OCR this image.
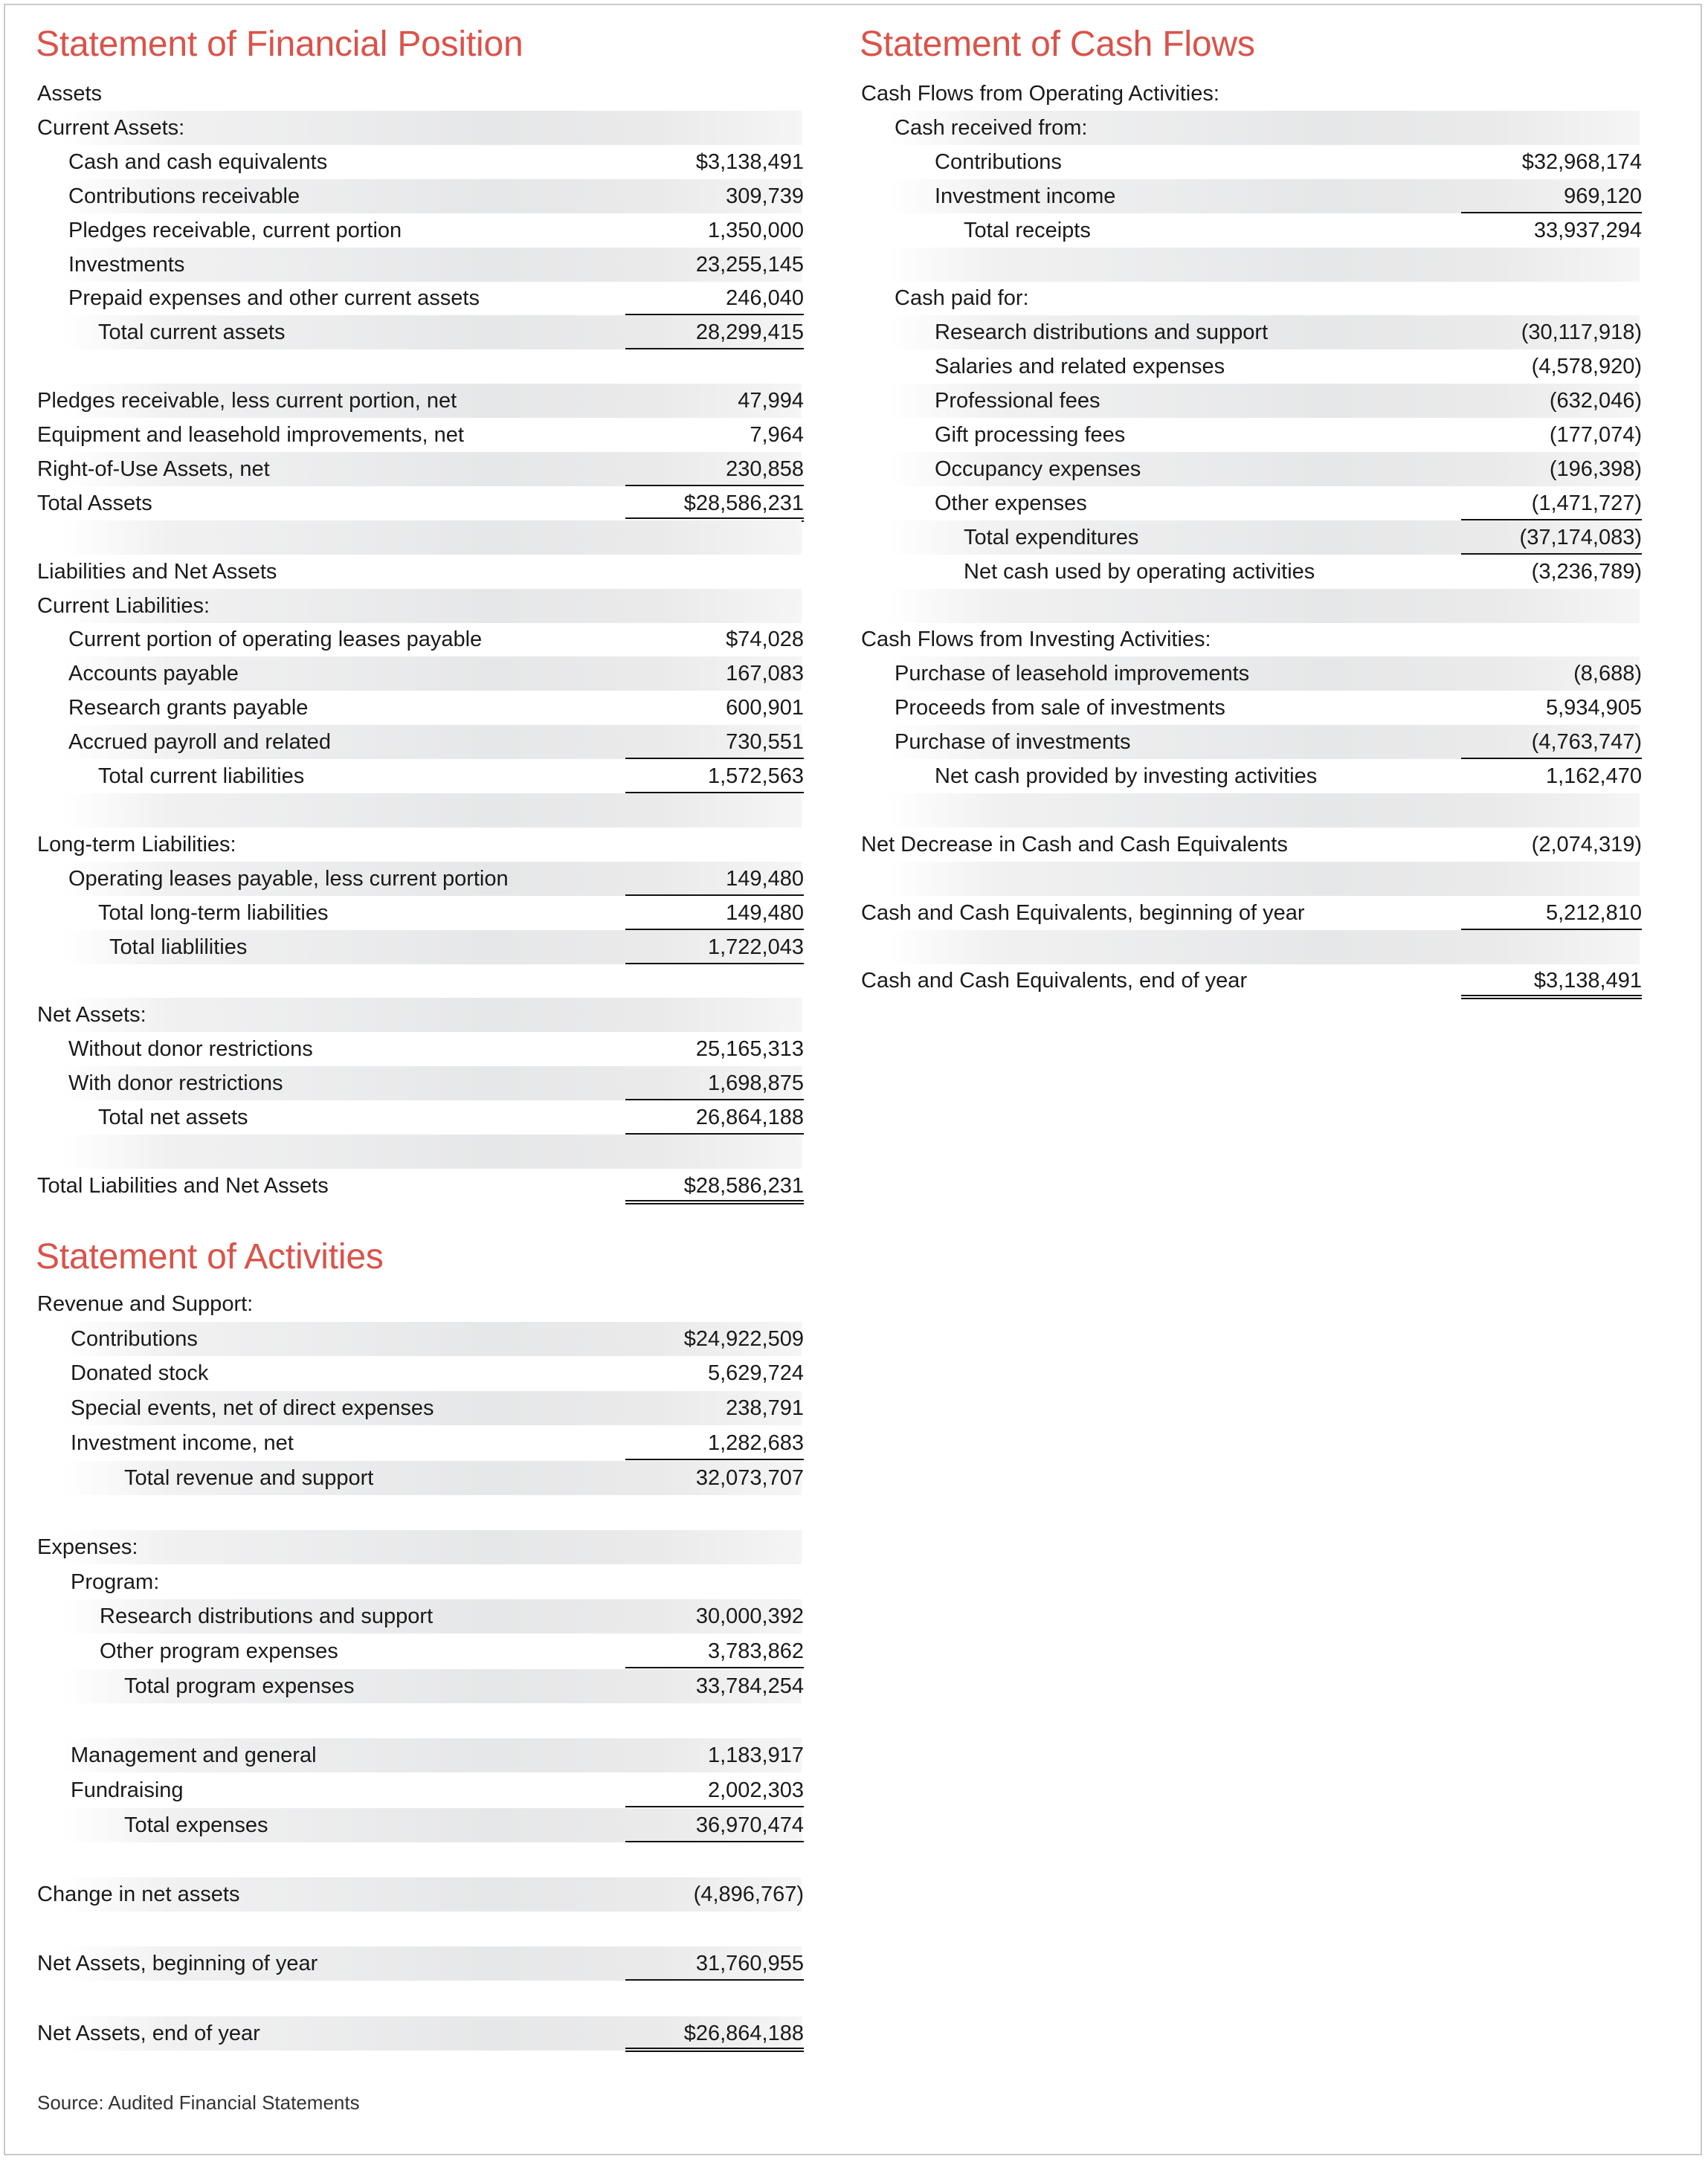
Statement of Financial Position	Statement of Cash Flows
Statement of Activities
Assets
Current Assets:
Cash and cash equivalents	$3,138,491
Contributions receivable	309,739
Pledges receivable, current portion	1,350,000
Investments	23,255,145
Prepaid expenses and other current assets	246,040
Total current assets	28,299,415
Pledges receivable, less current portion, net	47,994
Equipment and leasehold improvements, net	7,964
Right-of-Use Assets, net	230,858
Total Assets	$28,586,231
Liabilities and Net Assets
Current Liabilities:
Current portion of operating leases payable	$74,028
Accounts payable	167,083
Research grants payable	600,901
Accrued payroll and related	730,551
Total current liabilities	1,572,563
Long-term Liabilities:
Operating leases payable, less current portion	149,480
Total long-term liabilities	149,480
Total liablilities	1,722,043
Net Assets:
Without donor restrictions	25,165,313
With donor restrictions	1,698,875
Total net assets	26,864,188
Total Liabilities and Net Assets	$28,586,231
Cash Flows from Operating Activities:
Cash received from:
Contributions	$32,968,174
Investment income	969,120
Total receipts	33,937,294
Cash paid for:
Research distributions and support	(30,117,918)
Salaries and related expenses	(4,578,920)
Professional fees	(632,046)
Gift processing fees	(177,074)
Occupancy expenses	(196,398)
Other expenses	(1,471,727)
Total expenditures	(37,174,083)
Net cash used by operating activities	(3,236,789)
Cash Flows from Investing Activities:
Purchase of leasehold improvements	(8,688)
Proceeds from sale of investments	5,934,905
Purchase of investments	(4,763,747)
Net cash provided by investing activities	1,162,470
Net Decrease in Cash and Cash Equivalents	(2,074,319)
Cash and Cash Equivalents, beginning of year	5,212,810
Cash and Cash Equivalents, end of year	$3,138,491
Revenue and Support:
Contributions	$24,922,509
Donated stock	5,629,724
Special events, net of direct expenses	238,791
Investment income, net	1,282,683
Total revenue and support	32,073,707
Expenses:
Program:
Research distributions and support	30,000,392
Other program expenses	3,783,862
Total program expenses	33,784,254
Management and general	1,183,917
Fundraising	2,002,303
Total expenses	36,970,474
Change in net assets	(4,896,767)
Net Assets, beginning of year	31,760,955
Net Assets, end of year	$26,864,188
Source: Audited Financial Statements
